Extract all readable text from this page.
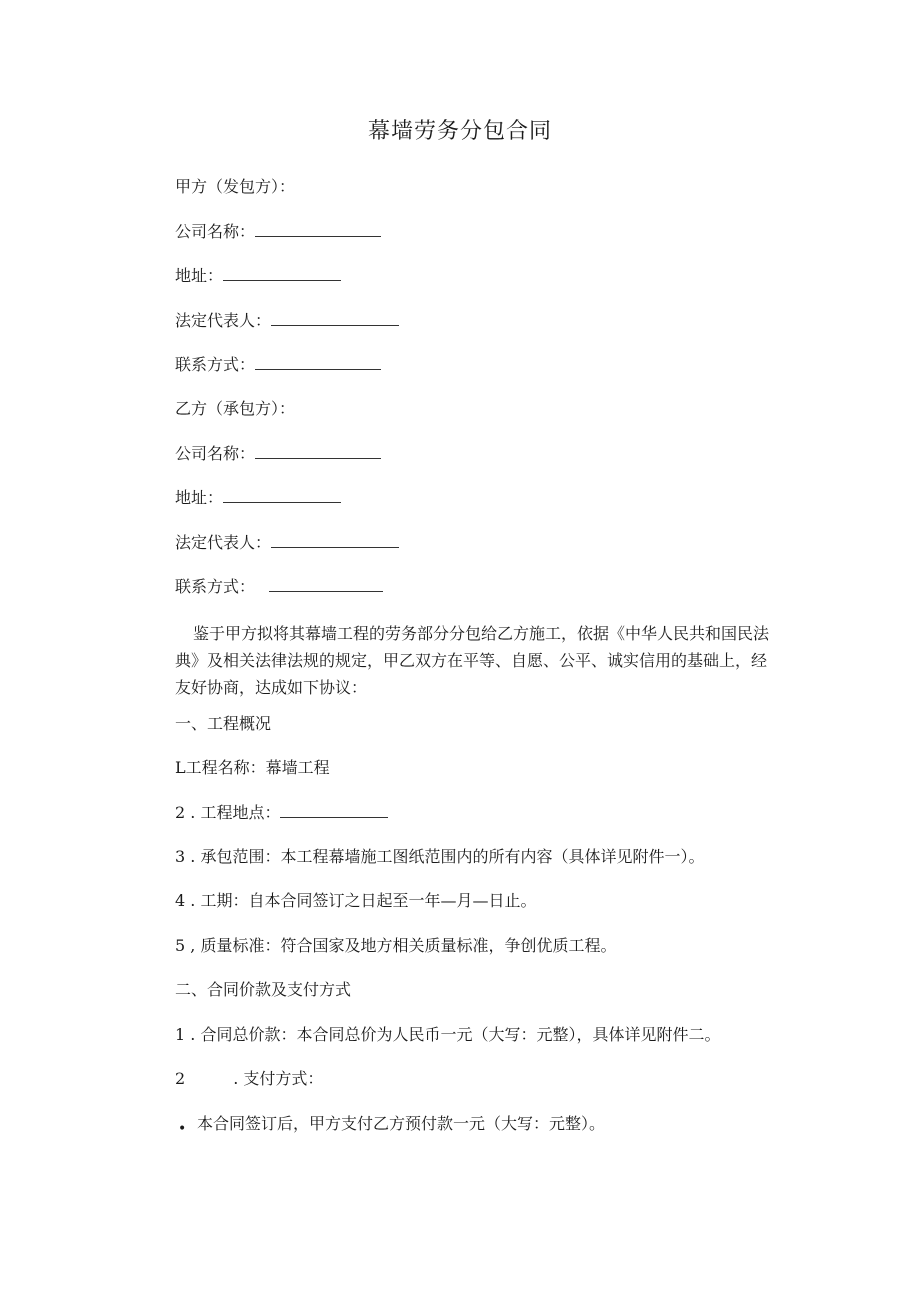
幕墙劳务分包合同
甲方（发包方）：
公司名称：
地址：
法定代表人：
联系方式：
乙方（承包方）：
公司名称：
地址：
法定代表人：
联系方式：
鉴于甲方拟将其幕墙工程的劳务部分分包给乙方施工，依据《中华人民共和国民法典》及相关法律法规的规定，甲乙双方在平等、自愿、公平、诚实信用的基础上，经友好协商，达成如下协议：
一、工程概况
L工程名称：幕墙工程
2 . 工程地点：
3 . 承包范围：本工程幕墙施工图纸范围内的所有内容（具体详见附件一）。
4 . 工期：自本合同签订之日起至一年—月—日止。
5 , 质量标准：符合国家及地方相关质量标准，争创优质工程。
二、合同价款及支付方式
1 . 合同总价款：本合同总价为人民币一元（大写：元整），具体详见附件二。
2	. 支付方式：
• 本合同签订后，甲方支付乙方预付款一元（大写：元整）。
